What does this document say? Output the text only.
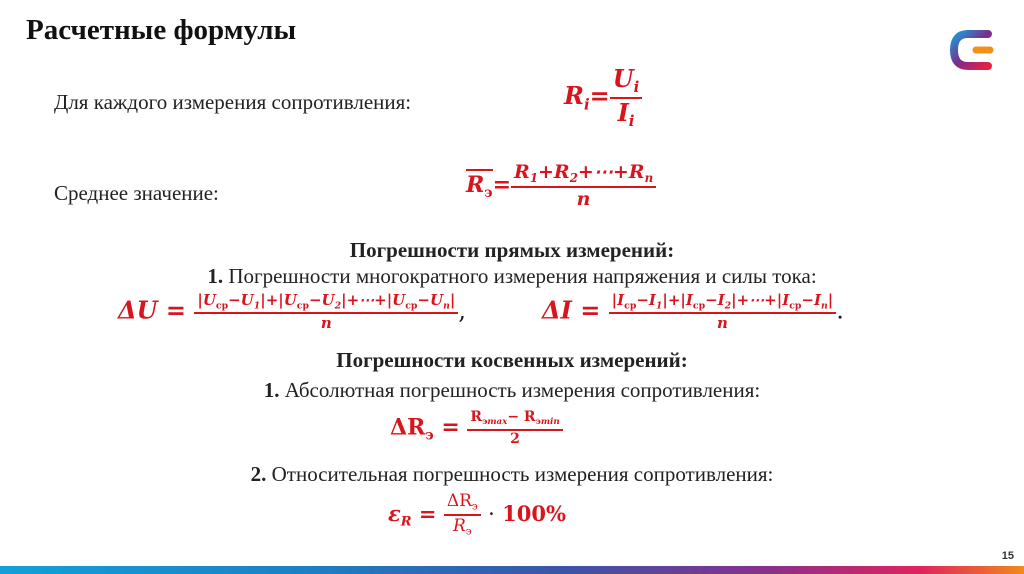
Расчетные формулы
Для каждого измерения сопротивления:	$R_i= \frac{U_i}{I_i}$
Среднее значение:	$R_э= \frac{R_1+R_2+\cdots+R_n}{n}$
Погрешности прямых измерений:
1. Погрешности многократного измерения напряжения и силы тока:
$\Delta U = \frac{|U_{ср}-U_1|+|U_{ср}-U_2|+\cdots+|U_{ср}-U_n|}{n}$ ,	$\Delta I = \frac{|I_{ср}-I_1|+|I_{ср}-I_2|+\cdots+|I_{ср}-I_n|}{n}$ .
Погрешности косвенных измерений:
1. Абсолютная погрешность измерения сопротивления:
$\Delta R_э = \frac{R_{эmax}- R_{эmin}}{2}$
2. Относительная погрешность измерения сопротивления:
$\varepsilon_R = \frac{\Delta R_э}{R_э} \cdot 100\%$
15
